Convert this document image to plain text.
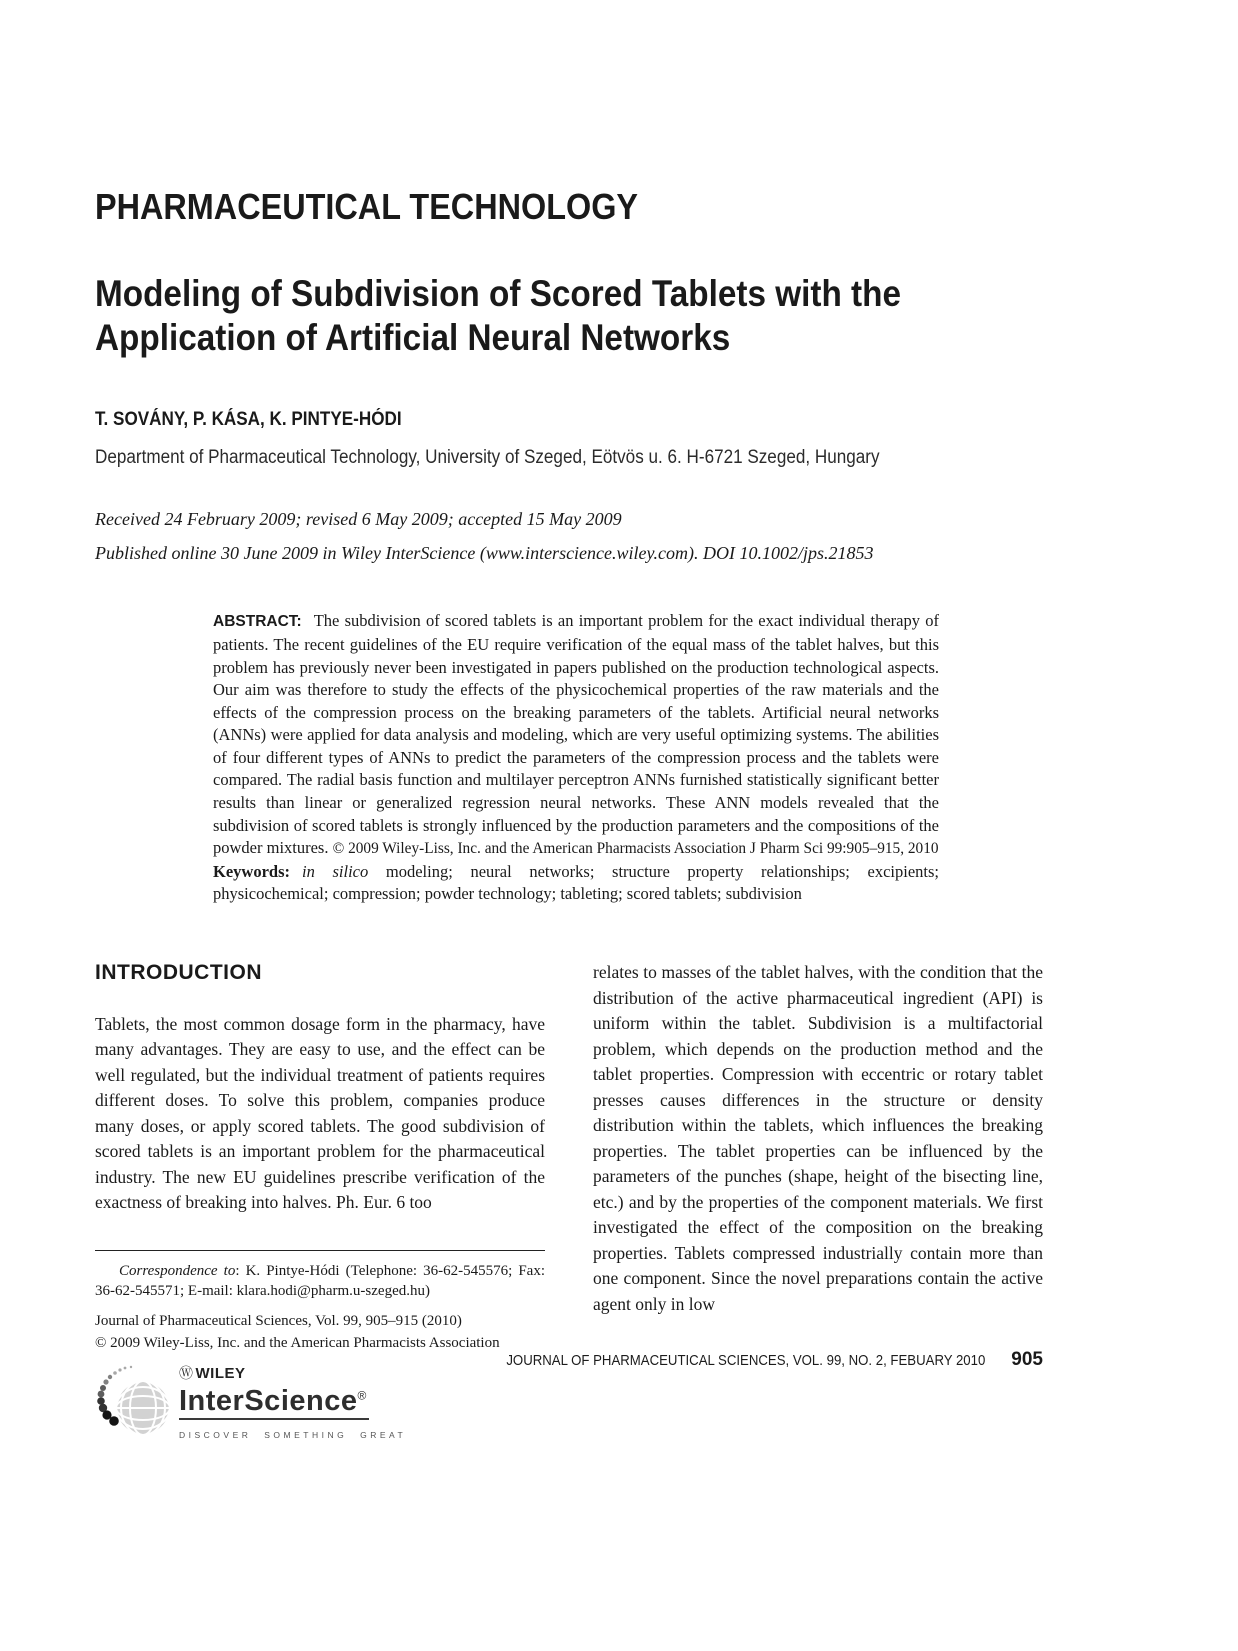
PHARMACEUTICAL TECHNOLOGY
Modeling of Subdivision of Scored Tablets with the Application of Artificial Neural Networks
T. SOVÁNY, P. KÁSA, K. PINTYE-HÓDI
Department of Pharmaceutical Technology, University of Szeged, Eötvös u. 6. H-6721 Szeged, Hungary
Received 24 February 2009; revised 6 May 2009; accepted 15 May 2009
Published online 30 June 2009 in Wiley InterScience (www.interscience.wiley.com). DOI 10.1002/jps.21853

ABSTRACT: The subdivision of scored tablets is an important problem for the exact individual therapy of patients. The recent guidelines of the EU require verification of the equal mass of the tablet halves, but this problem has previously never been investigated in papers published on the production technological aspects. Our aim was therefore to study the effects of the physicochemical properties of the raw materials and the effects of the compression process on the breaking parameters of the tablets. Artificial neural networks (ANNs) were applied for data analysis and modeling, which are very useful optimizing systems. The abilities of four different types of ANNs to predict the parameters of the compression process and the tablets were compared. The radial basis function and multilayer perceptron ANNs furnished statistically significant better results than linear or generalized regression neural networks. These ANN models revealed that the subdivision of scored tablets is strongly influenced by the production parameters and the compositions of the powder mixtures. © 2009 Wiley-Liss, Inc. and the American Pharmacists Association J Pharm Sci 99:905–915, 2010

Keywords: in silico modeling; neural networks; structure property relationships; excipients; physicochemical; compression; powder technology; tableting; scored tablets; subdivision

INTRODUCTION

Tablets, the most common dosage form in the pharmacy, have many advantages. They are easy to use, and the effect can be well regulated, but the individual treatment of patients requires different doses. To solve this problem, companies produce many doses, or apply scored tablets. The good subdivision of scored tablets is an important problem for the pharmaceutical industry. The new EU guidelines prescribe verification of the exactness of breaking into halves. Ph. Eur. 6 too

Correspondence to: K. Pintye-Hódi (Telephone: 36-62-545576; Fax: 36-62-545571; E-mail: klara.hodi@pharm.u-szeged.hu)

Journal of Pharmaceutical Sciences, Vol. 99, 905–915 (2010)

© 2009 Wiley-Liss, Inc. and the American Pharmacists Association

Ⓦ WILEY
InterScience®
DISCOVER SOMETHING GREAT

relates to masses of the tablet halves, with the condition that the distribution of the active pharmaceutical ingredient (API) is uniform within the tablet. Subdivision is a multifactorial problem, which depends on the production method and the tablet properties. Compression with eccentric or rotary tablet presses causes differences in the structure or density distribution within the tablets, which influences the breaking properties. The tablet properties can be influenced by the parameters of the punches (shape, height of the bisecting line, etc.) and by the properties of the component materials. We first investigated the effect of the composition on the breaking properties. Tablets compressed industrially contain more than one component. Since the novel preparations contain the active agent only in low

JOURNAL OF PHARMACEUTICAL SCIENCES, VOL. 99, NO. 2, FEBUARY 2010 905
